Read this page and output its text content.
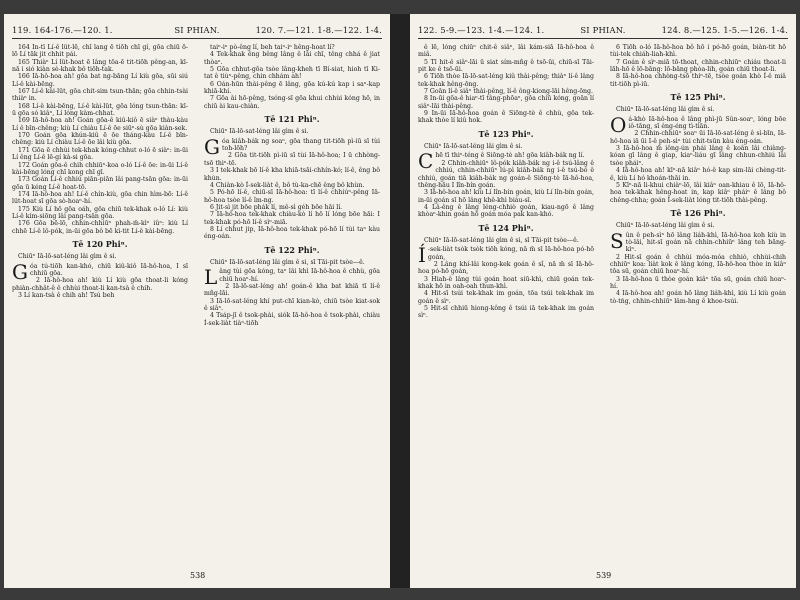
119. 164-176.—120. 1.	SI PHIAN.	120. 7.—121. 1-8.—122. 1-4.

164 In-tï Lí-ê lüt-lē, chī lang ē tiōh chī gí, gōa chiū ō-lō Lí tāk jit chhit pái.

165 Thiàⁿ Lí lüt-hoat ē lâng tōa-ē tit-tiōh pêng-an, kī-nā i sió kiàn sè-khak bô tiōh-tak.

166 Iā-hô-hoa ah! gōa bat ng-bāng Lí kiù gōa, sūi siú Lí-ê kài-bēng.

167 Lí-ê kài-lüt, gōa chit-sim tsun-thān; gōa chhin-tsài thiàⁿ in.

168 Lí-ê kài-bēng, Lí-ê kài-lüt, gōa lóng tsun-thān: kī-ū gōa só kiâⁿ, Lí lóng kàm-chhat.

169 Iā-hô-hoa ah! Goán gōa-ê kiû-kiô ē siàⁿ thàu-kàu Lí ê bīn-chêng; kiù Lí chiàu Lí-ê ōe siūⁿ-sù gōa kiàn-sek.

170 Goán gōa khún-kiû ē ōe tháng-kàu Lí-ê bīn-chêng: kiù Lí chiàu Lí-ê ōe lâi kiù gōa.

171 Gōa ē chhùi tek-khak kóng-chhut o-ló ē siàⁿ: in-ūi Lí êng Lí-ê lē-gí kà-si gōa.

172 Goán gōa-ê chih chhiūⁿ-koa o-ló Lí-ê ōe: in-ūi Lí-ê kài-bēng lóng chī kong chī gī.

173 Goán Lí-ê chhiú piān-piān lâi pang-tsān gōa: in-ūi gōa ū kéng Lí-ê hoat-tō.

174 Iā-hô-hoa ah! Lí-ê chín-kiù, gōa chin hìm-bō: Lí-ê lüt-hoat sī gōa sò-hoaⁿ-hí.

175 Kiù Lí hō gōa oáh, gōa chiū tek-khak o-ló Lí: kiù Lí-ê kím-siōng lâi pang-tsān gōa.

176 Gōa bē-lō, chhin-chhiūⁿ phah-m̄-kìⁿ iûⁿ: kiù Lí chhē Lí-ê lô-pók, in-ūi gōa bô bē kì-tit Lí-ê kài-bēng.

Tē 120 Phiⁿ.

Chiūⁿ Iā-lō-sat-léng lâi gìm ê si.

Góa tú-tiōh kan-khó, chiū kiû-kiô Iā-hô-hoa, I sī chhiū gōa.

2 Iā-hô-hoa ah! kiù Lí kiù gōa thoat-li kóng phiàn-chhât-ê ê chhùi thoat-li kan-tsà ê chih.

3 Lí kan-tsà ê chih ah! Tsú beh

taiⁿ-iⁿ pò-êng lí, beh taiⁿ-iⁿ hêng-hoat lí?

4 Tek-khak êng bêng lâng ê lâi chī, têng chhá ê jiat thòaⁿ.

5 Gōa chhut-gōa tsòe lâng-kheh tī Bí-siat, hioh tī Ki-tat ê tiùⁿ-pêng, chin chhám ah!

6 Oán-hūn thài-pêng ē lâng, gōa kú-kú kap i saⁿ-kap khiā-khí.

7 Gōa ài hō-pêng, tsóng-sī gōa khui chhùi kóng hō, in chiū ài kau-chiàn.

Tē 121 Phiⁿ.

Chiūⁿ Iā-lō-sat-léng lâi gìm ê si.

Góa kiâh-bák ng soaⁿ, gōa thang tit-tiōh pì-iū sī tùi toh-lōh?

2 Gōa tit-tiōh pì-iū sī tùi Iā-hô-hoa; I ū chhòng-tsō thiⁿ-tē.

3 I tek-khak bō lí-ê kha khiā-tsāi-chhín-kó; lí-ê, êng bô khùn.

4 Chiàn-kò Í-sek-liàt ê, bô tù-ka-chē êng bô khùn.

5 Pó-hō lí-ê, chiū-sī Iā-hô-hoa: tī lí-ê chhiúⁿ-pêng Iā-hô-hoa tsòe lí-ê îm-ng.

6 Jit-sì jit bōe phák lí, mê-sì géh bōe hāi lí.

7 Iā-hô-hoa tek-khak chiàu-kò lí hō lí lóng bōe hāi: I tek-khak pó-hō lí-ê sìⁿ-miā.

8 Lí chhut jip, Iā-hô-hoa tek-khak pó-hō lí tùi taⁿ kàu éng-oán.

Tē 122 Phiⁿ.

Chiūⁿ Iā-lō-sat-léng lâi gìm ê si, sī Tāi-pit tsòe—ê.

Lâng tùi gōa kóng, taⁿ lâi khì Iā-hô-hoa ê chhù, gōa chiū hoaⁿ-hí.

2 Iā-lō-sat-léng ah! goán-ê kha bat khiā tī lí-ê mn̂g-lāi.

3 Iā-lō-sat-léng khí put-chī kian-kò, chiū tsòe kiat-sok ê siâⁿ.

4 Tsáp-jī ê tsok-phài, siók Iā-hô-hoa ê tsok-phài, chiàu Í-sek-liàt tiàⁿ-tiōh

538
122. 5-9.—123. 1-4.—124. 1.	SI PHIAN.	124. 8.—125. 1-5.—126. 1-4.

ê lē, lóng chiūⁿ chit-ê siâⁿ, lâi kám-siā Iā-hô-hoa ê miâ.

5 Tī hit-ê siâⁿ-lāi ū siat sím-mn̂g ê tsō-ūi, chiū-sī Tāi-pit ke ê tsō-ūi.

6 Tiōh thòe Iā-lō-sat-léng kiû thài-pêng; thiàⁿ lí-ê lâng tek-khak hêng-ōng.

7 Goān lí-ê siâⁿ thài-pêng, lí-ê ông-kiong-lāi hêng-ōng.

8 In-ūi gōa-ê hiaⁿ-tī tâng-phōaⁿ, gōa chiū kóng, goān lí siâⁿ-lāi thài-pêng.

9 In-ūi Iā-hô-hoa goán ê Siōng-tè ê chhù, gōa tek-khak thòe lí kiû hok.

Tē 123 Phiⁿ.

Chiūⁿ Iā-lō-sat-léng lâi gìm ê si.

Chē tī thiⁿ-téng ê Siōng-tè ah! gōa kiâh-bák ng lí.

2 Chhin-chhiūⁿ lô-pók kiâh-bák ng i-ê tsú-lâng ê chhiú, chhin-chhiūⁿ lú-pì kiâh-bák ng i-ê tsú-bó ê chhiú, goán tiā kiâh-bák ng goán-ê Siōng-tè Iā-hô-hoa, thêng-hāu I lîn-bín goán.

3 Iā-hô-hoa ah! kiù Lí lîn-bín goán, kiù Lí lîn-bín goán, in-ūi goán sī hō lâng khê-khì biáu-sī.

4 Lâ-êng ê lâng léng-chhiò goán, kiau-ngō ê lâng khòaⁿ-khin goán hō goán móa pak kan-khó.

Tē 124 Phiⁿ.

Chiūⁿ Iā-lō-sat-léng lâi gìm ê si, sī Tāi-pit tsòe—ê.

Í -sek-liàt tsòk tsòk tiōh kóng, nā m̄ sī Iā-hô-hoa pó-hō goán,

2 Lâng khí-lâi kong-kek goán ê sî, nā m̄ sī Iā-hô-hoa pó-hō goán,

3 Hiah-ê lâng tùi goán hoat siū-khì, chiū goán tek-khak hō in oah-oah thun-khì.

4 Hit-sī tsúi tek-khak im goán, tōa tsúi tek-khak im goán ê sìⁿ.

5 Hit-sī chhiū hiong-kông ê tsúi iā tek-khak im goán sìⁿ.

6 Tiōh o-ló Iā-hô-hoa bô hō i pó-hō goán, biàn-tit hō tùi-tek chiáh-liah-khì.

7 Goán ê sìⁿ-miā tō-thoat, chhin-chhiūⁿ chiáu thoat-li lāh-hō ê lō-bāng: lō-bāng phòa-lih, goán chiū thoat-li.

8 Iā-hô-hoa chhòng-tsō thiⁿ-tē, tsòe goán khò Í-ê miâ tit-tiōh pì-iū.

Tē 125 Phiⁿ.

Chiūⁿ Iā-lō-sat-léng lâi gìm ê si.

Oá-khò Iā-hô-hoa ê lâng phì-jū Sûn-soaⁿ, lóng bōe iô-tāng, sī éng-éng tì-tiān.

2 Chhin-chhiūⁿ soaⁿ ūi Iā-lō-sat-léng ê sì-bīn, Iā-hô-hoa iā ūi I-ê peh-sìⁿ tùi chit-tsūn kàu éng-oán.

3 Iā-hô-hoa m̄ iông-ún phái lâng ê koân lâi chiàng-kóan gī lâng ê giap, kiaⁿ-liáu gī lâng chhun-chhiú lâi tsòe pháiⁿ.

4 Iā-hô-hoa ah! kīⁿ-nā kiâⁿ hó-ê kap sim-lāi chèng-tit-ê, kiù Lí hó khoán-thāi in.

5 Kīⁿ-nā li-khui chiàⁿ-lō, lâi kiâⁿ oan-khiau ê lō, Iā-hô-hoa tek-khak hêng-hoat in, kap kiâⁿ pháiⁿ ê lâng bô chêng-chha; goán Í-sek-liàt lóng tit-tiōh thài-pêng.

Tē 126 Phiⁿ.

Chiūⁿ Iā-lō-sat-léng lâi gìm ê si.

Sûn ê peh-sìⁿ hō lâng liáh-khì, Iā-hô-hoa koh kiù in tò-lâi, hit-sī goán nā chhin-chhiūⁿ lâng teh bāng-kìⁿ.

2 Hit-sī goán ê chhùi móa-móa chhiò, chhùi-chih chhiūⁿ koa: liàt kok ê lâng kóng, Iā-hô-hoa thòe in kiâⁿ tōa sū, goán chiū hoaⁿ-hí.

3 Iā-hô-hoa ū thòe goán kiâⁿ tōa sū, goán chiū hoaⁿ-hí.

4 Iā-hô-hoa ah! goán hō lâng liáh-khì, kiù Lí kiù goán tò-tńg, chhin-chhiūⁿ lâm-hng ê khoe-tsúi.

539
